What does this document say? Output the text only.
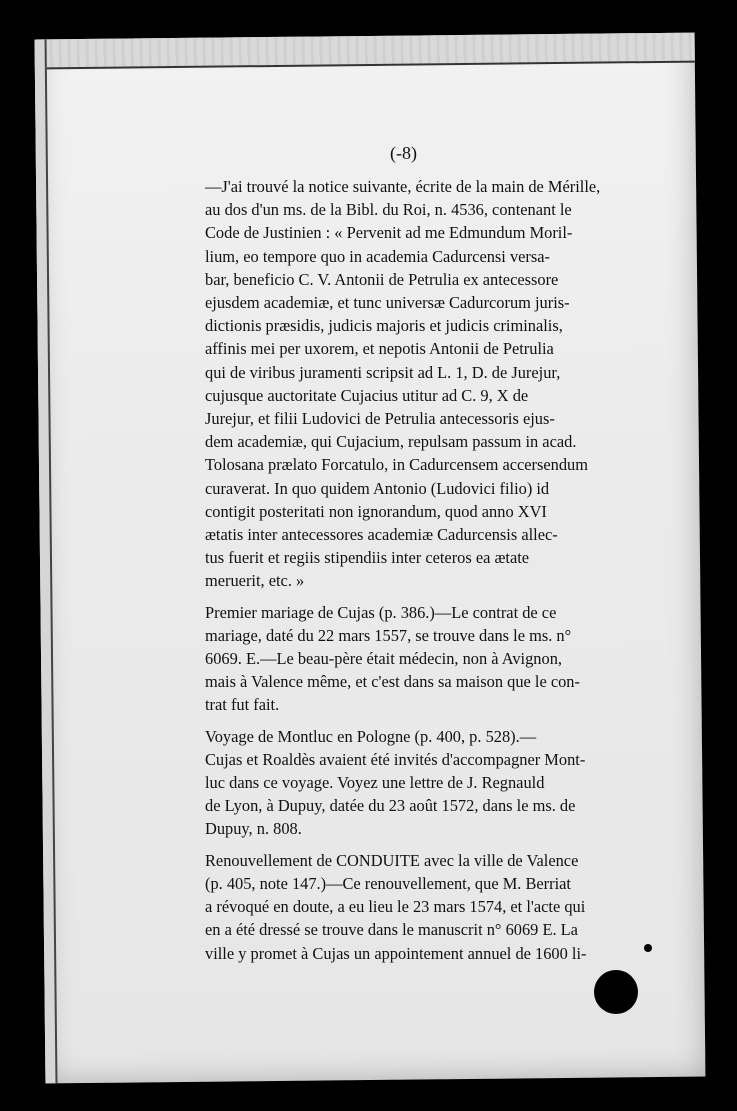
(-8)
—J'ai trouvé la notice suivante, écrite de la main de Mérille,
au dos d'un ms. de la Bibl. du Roi, n. 4536, contenant le
Code de Justinien : « Pervenit ad me Edmundum Moril-
lium, eo tempore quo in academia Cadurcensi versa-
bar, beneficio C. V. Antonii de Petrulia ex antecessore
ejusdem academiæ, et tunc universæ Cadurcorum juris-
dictionis præsidis, judicis majoris et judicis criminalis,
affinis mei per uxorem, et nepotis Antonii de Petrulia
qui de viribus juramenti scripsit ad L. 1, D. de Jurejur,
cujusque auctoritate Cujacius utitur ad C. 9, X de
Jurejur, et filii Ludovici de Petrulia antecessoris ejus-
dem academiæ, qui Cujacium, repulsam passum in acad.
Tolosana prælato Forcatulo, in Cadurcensem accersendum
curaverat. In quo quidem Antonio (Ludovici filio) id
contigit posteritati non ignorandum, quod anno XVI
ætatis inter antecessores academiæ Cadurcensis allec-
tus fuerit et regiis stipendiis inter ceteros ea ætate
meruerit, etc. »
Premier mariage de Cujas (p. 386.)—Le contrat de ce
mariage, daté du 22 mars 1557, se trouve dans le ms. n°
6069. E.—Le beau-père était médecin, non à Avignon,
mais à Valence même, et c'est dans sa maison que le con-
trat fut fait.
Voyage de Montluc en Pologne (p. 400, p. 528).—
Cujas et Roaldès avaient été invités d'accompagner Mont-
luc dans ce voyage. Voyez une lettre de J. Regnauld
de Lyon, à Dupuy, datée du 23 août 1572, dans le ms. de
Dupuy, n. 808.
Renouvellement de CONDUITE avec la ville de Valence
(p. 405, note 147.)—Ce renouvellement, que M. Berriat
a révoqué en doute, a eu lieu le 23 mars 1574, et l'acte qui
en a été dressé se trouve dans le manuscrit n° 6069 E. La
ville y promet à Cujas un appointement annuel de 1600 li-
